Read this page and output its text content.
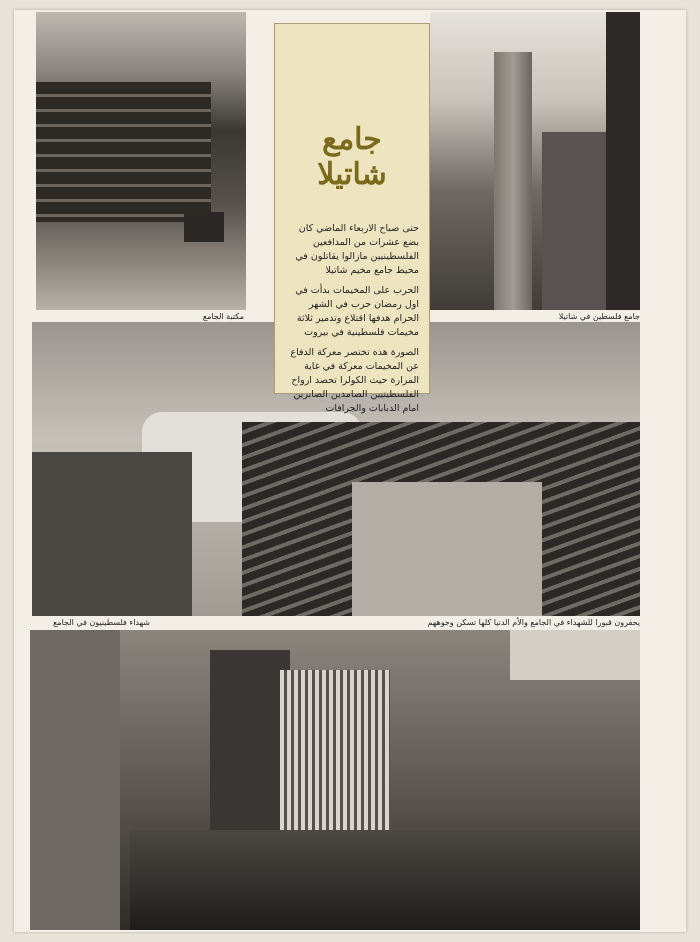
مكتبة الجامع	جامع فلسطين في شاتيلا
شهداء فلسطينيون في الجامع	يحفرون قبورا للشهداء في الجامع والأم الدنيا كلها تسكن وجوههم
جامع شاتيلا

حتى صباح الاربعاء الماضي كان بضع عشرات من المدافعين الفلسطينيين مازالوا يقاتلون في محيط جامع مخيم شاتيلا

الحرب على المخيمات بدأت في اول رمضان حرب في الشهر الحرام هدفها اقتلاع وتدمير ثلاثة مخيمات فلسطينية في بيروت

الصورة هذه تختصر معركة الدفاع عن المخيمات معركة في غاية المرارة حيث الكولرا تحصد ارواح الفلسطينيين الصامدين الصابرين امام الدبابات والجرافات
